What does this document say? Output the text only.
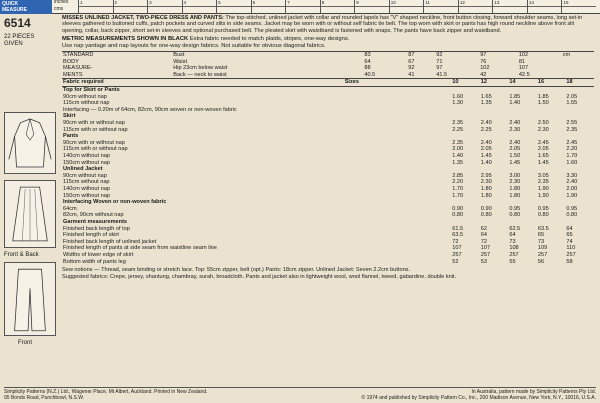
QUICK
MEASURE
inches
cms
1	2	3	4	5	6	7	8	9	10	11	12	13	14	15
6514
22 PIECES GIVEN
Front & Back
Front
MISSES UNLINED JACKET, TWO-PIECE DRESS AND PANTS: The top-stitched, unlined jacket with collar and rounded lapels has "V" shaped neckline, front button closing, forward shoulder seams, long set-in sleeves gathered to buttoned cuffs, patch pockets and curved slits in side seams. Jacket may be worn with or without self fabric tie belt. The top worn with skirt or pants has high round neckline above front slit opening, collar, back zipper, short set-in sleeves and optional purchased belt. The pleated skirt with waistband is fastened with snaps. The pants have back zipper and waistband.
METRIC MEASUREMENTS SHOWN IN BLACK Extra fabric needed to match plaids, stripes, one-way designs.
Use nap yardage and nap layouts for one-way design fabrics. Not suitable for obvious diagonal fabrics.
STANDARD	Bust	83	87	92	97	102	cm
BODY	Waist	64	67	71	76	81	
MEASURE-	Hip 23cm below waist	88	92	97	102	107	
MENTS	Back — neck to waist	40.5	41	41.5	42	42.5	
Fabric required	Sizes	10	12	14	16	18
Top for Skirt or Pants						
90cm without nap		1.60	1.65	1.85	1.85	2.05
115cm without nap		1.30	1.35	1.40	1.50	1.55
Interfacing — 0.20m of 64cm, 82cm, 90cm woven or non-woven fabric						
Skirt						
90cm with or without nap		2.35	2.40	2.40	2.50	2.55
115cm with or without nap		2.25	2.25	2.30	2.30	2.35
Pants						
90cm with or without nap		2.35	2.40	2.40	2.45	2.45
115cm with or without nap		2.00	2.05	2.05	2.05	2.20
140cm without nap		1.40	1.45	1.50	1.65	1.70
150cm without nap		1.35	1.40	1.45	1.45	1.60
Unlined Jacket						
90cm without nap		2.85	2.95	3.00	3.05	3.30
115cm without nap		2.20	2.30	2.30	2.35	2.40
140cm without nap		1.70	1.80	1.80	1.90	2.00
150cm without nap		1.70	1.80	1.80	1.90	1.90
Interfacing Woven or non-woven fabric						
64cm		0.90	0.90	0.95	0.95	0.95
82cm, 90cm without nap		0.80	0.80	0.80	0.80	0.80
Garment measurements						
Finished back length of top		61.5	62	62.5	63.5	64
Finished length of skirt		63.5	64	64	65	65
Finished back length of unlined jacket		72	72	73	73	74
Finished length of pants at side seam from waistline seam line		107	107	108	109	110
Widths of lower edge of skirt		257	257	257	257	257
Bottom width of pants leg		52	53	55	56	58
Sew notions — Thread, seam binding or stretch lace. Top: 55cm zipper, belt (opt.) Pants: 18cm zipper. Unlined Jacket: Seven 2.2cm buttons.
Suggested fabrics: Crepe, jersey, shantung, chambray, surah, broadcloth. Pants and jacket also in lightweight wool, wool flannel, tweed, gabardine, double knit.
Simplicity Patterns (N.Z.) Ltd., Wagener Place, Mt Albert, Auckland. Printed in New Zealand.	In Australia, pattern made by Simplicity Patterns Pty Ltd.
95 Bonds Road, Punchbowl, N.S.W.	© 1974 and published by Simplicity Pattern Co., Inc., 200 Madison Avenue, New York, N.Y., 10016, U.S.A.
